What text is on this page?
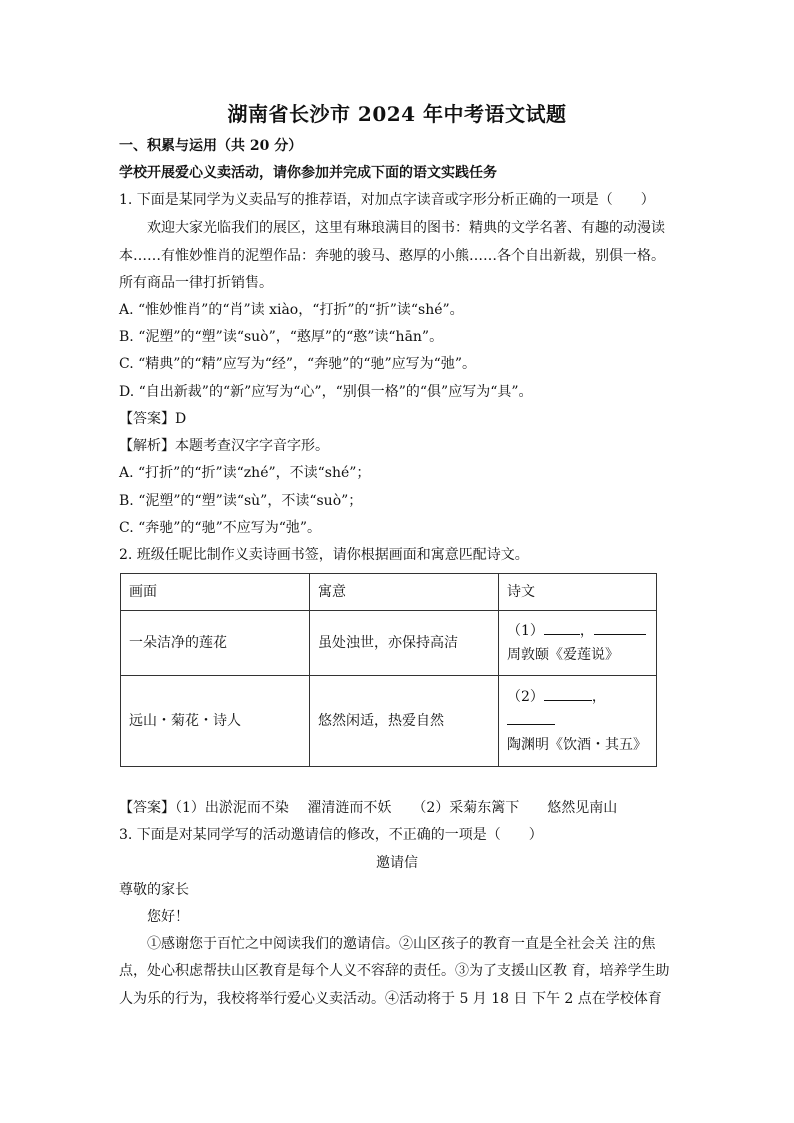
湖南省长沙市 2024 年中考语文试题
一、积累与运用（共 20 分）
学校开展爱心义卖活动，请你参加并完成下面的语文实践任务
1. 下面是某同学为义卖品写的推荐语，对加点字读音或字形分析正确的一项是（　　）
欢迎大家光临我们的展区，这里有琳琅满目的图书：精典的文学名著、有趣的动漫读
本……有惟妙惟肖的泥塑作品：奔驰的骏马、憨厚的小熊……各个自出新裁，别俱一格。
所有商品一律打折销售。
A. “惟妙惟肖”的“肖”读 xiào，“打折”的“折”读“shé”。
B. “泥塑”的“塑”读“suò”，“憨厚”的“憨”读“hān”。
C. “精典”的“精”应写为“经”，“奔驰”的“驰”应写为“弛”。
D. “自出新裁”的“新”应写为“心”，“别俱一格”的“俱”应写为“具”。
【答案】D
【解析】本题考查汉字字音字形。
A. “打折”的“折”读“zhé”，不读“shé”；
B. “泥塑”的“塑”读“sù”，不读“suò”；
C. “奔驰”的“驰”不应写为“弛”。
2. 班级任昵比制作义卖诗画书签，请你根据画面和寓意匹配诗文。
画面	寓意	诗文
一朵洁净的莲花	虽处浊世，亦保持高洁	（1） ，
周敦颐《爱莲说》

远山・菊花・诗人	悠然闲适，热爱自然	（2） ，
陶渊明《饮酒・其五》
【答案】（1）出淤泥而不染　 濯清涟而不妖　　（2）采菊东篱下　　悠然见南山
3. 下面是对某同学写的活动邀请信的修改，不正确的一项是（　　）
邀请信
尊敬的家长
您好！
①感谢您于百忙之中阅读我们的邀请信。②山区孩子的教育一直是全社会关 注的焦
点，处心积虑帮扶山区教育是每个人义不容辞的责任。③为了支援山区教 育，培养学生助
人为乐的行为，我校将举行爱心义卖活动。④活动将于 5 月 18 日 下午 2 点在学校体育
